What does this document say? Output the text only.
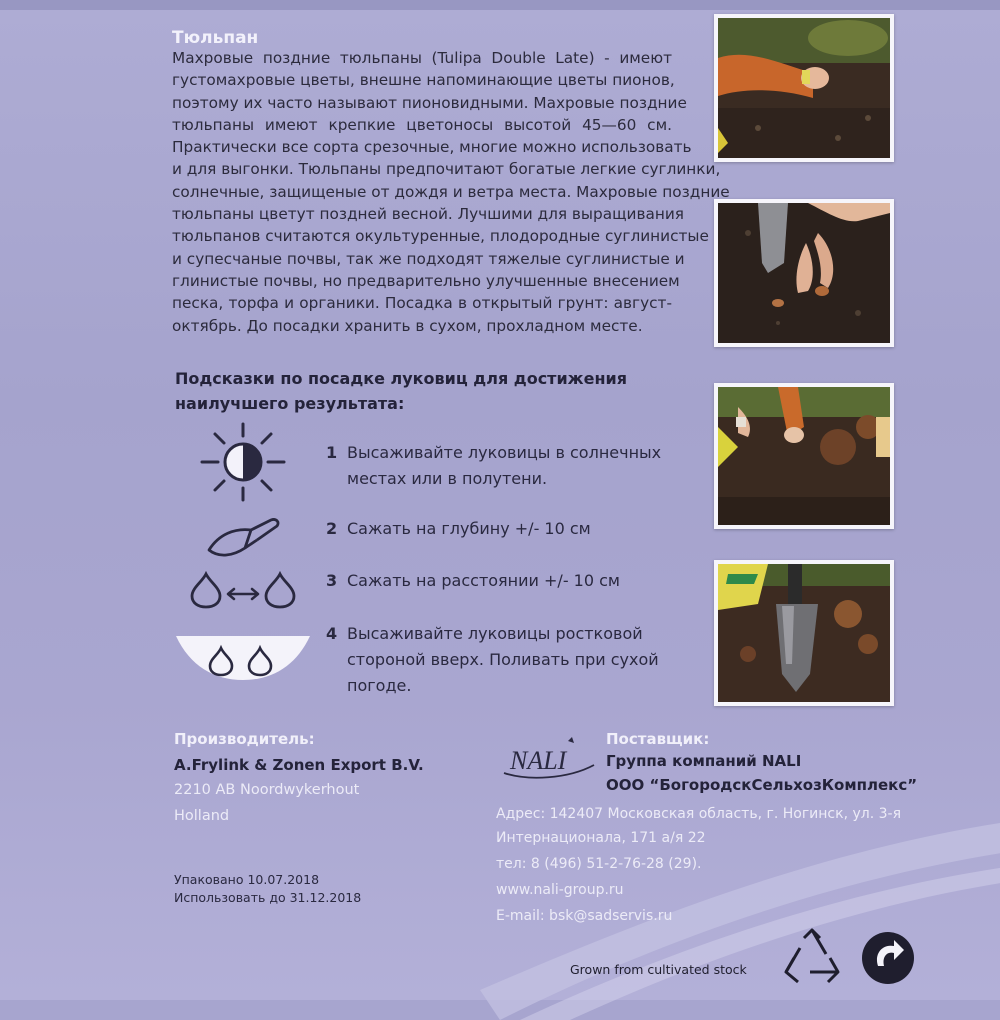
Тюльпан
Махровые поздние тюльпаны (Tulipa Double Late) - имеют
густомахровые цветы, внешне напоминающие цветы пионов,
поэтому их часто называют пионовидными. Махровые поздние
тюльпаны имеют крепкие цветоносы высотой 45—60 см.
Практически все сорта срезочные, многие можно использовать
и для выгонки. Тюльпаны предпочитают богатые легкие суглинки,
солнечные, защищеные от дождя и ветра места. Махровые поздние
тюльпаны цветут поздней весной. Лучшими для выращивания
тюльпанов считаются окультуренные, плодородные суглинистые
и супесчаные почвы, так же подходят тяжелые суглинистые и
глинистые почвы, но предварительно улучшенные внесением
песка, торфа и органики. Посадка в открытый грунт: август-
октябрь. До посадки хранить в сухом, прохладном месте.
Подсказки по посадке луковиц для достижения
наилучшего результата:
1 Высаживайте луковицы в солнечных
местах или в полутени.
2 Сажать на глубину +/- 10 см
3 Сажать на расстоянии +/- 10 см
4 Высаживайте луковицы ростковой
стороной вверх. Поливать при сухой
погоде.
Производитель:
A.Frylink & Zonen Export B.V.
2210 AB Noordwykerhout
Holland
Упаковано 10.07.2018
Использовать до 31.12.2018
NALI
Поставщик:
Группа компаний NALI
ООО “БогородскСельхозКомплекс”
Адрес: 142407 Московская область, г. Ногинск, ул. 3-я
Интернационала, 171 а/я 22
тел: 8 (496) 51-2-76-28 (29).
www.nali-group.ru
E-mail: bsk@sadservis.ru
Grown from cultivated stock
